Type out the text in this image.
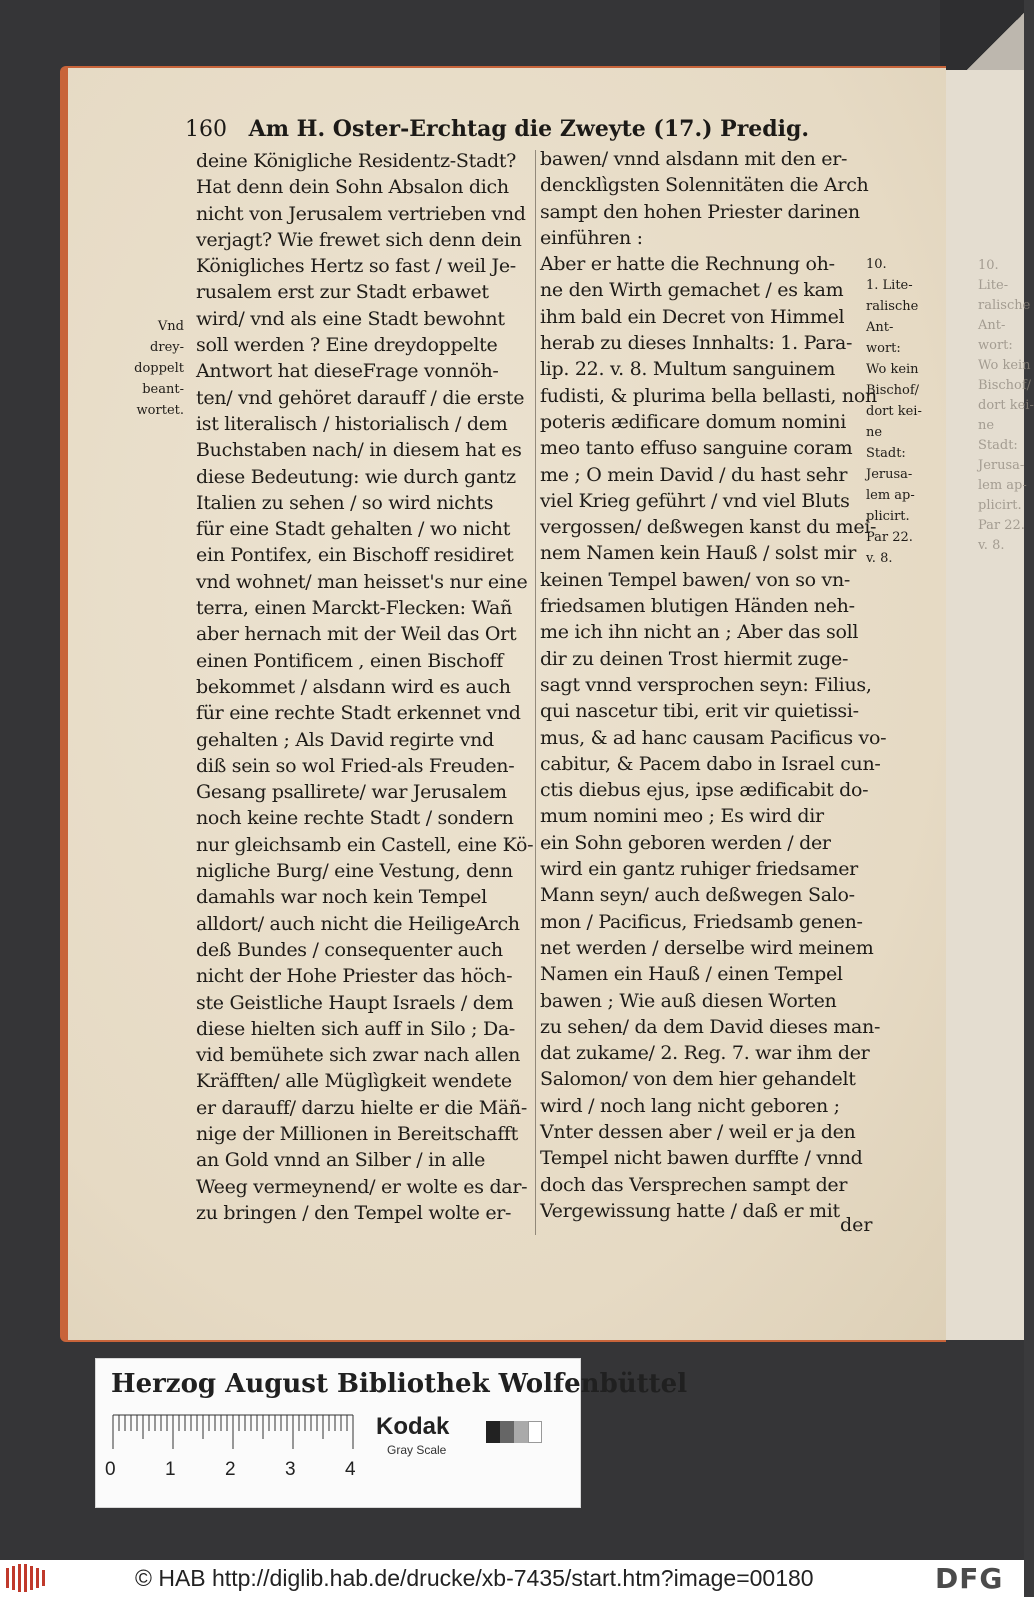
10.
Lite-
ralische
Ant-
wort:
Wo kein
Bischof/
dort kei-
ne
Stadt:
Jerusa-
lem ap-
plicirt.
Par 22.
v. 8.
160 Am H. Oster-Erchtag die Zweyte (17.) Predig.
deine Königliche Residentz-Stadt?
Hat denn dein Sohn Absalon dich
nicht von Jerusalem vertrieben vnd
verjagt? Wie frewet sich denn dein
Königliches Hertz so fast / weil Je-
rusalem erst zur Stadt erbawet
wird/ vnd als eine Stadt bewohnt
soll werden ? Eine dreydoppelte
Antwort hat dieseFrage vonnöh-
ten/ vnd gehöret darauff / die erste
ist literalisch / historialisch / dem
Buchstaben nach/ in diesem hat es
diese Bedeutung: wie durch gantz
Italien zu sehen / so wird nichts
für eine Stadt gehalten / wo nicht
ein Pontifex, ein Bischoff residiret
vnd wohnet/ man heisset's nur eine
terra, einen Marckt-Flecken: Wañ
aber hernach mit der Weil das Ort
einen Pontificem , einen Bischoff
bekommet / alsdann wird es auch
für eine rechte Stadt erkennet vnd
gehalten ; Als David regirte vnd
diß sein so wol Fried-als Freuden-
Gesang psallirete/ war Jerusalem
noch keine rechte Stadt / sondern
nur gleichsamb ein Castell, eine Kö-
nigliche Burg/ eine Vestung, denn
damahls war noch kein Tempel
alldort/ auch nicht die HeiligeArch
deß Bundes / consequenter auch
nicht der Hohe Priester das höch-
ste Geistliche Haupt Israels / dem
diese hielten sich auff in Silo ; Da-
vid bemühete sich zwar nach allen
Kräfften/ alle Müglìgkeit wendete
er darauff/ darzu hielte er die Mäñ-
nige der Millionen in Bereitschafft
an Gold vnnd an Silber / in alle
Weeg vermeynend/ er wolte es dar-
zu bringen / den Tempel wolte er-
bawen/ vnnd alsdann mit den er-
dencklìgsten Solennitäten die Arch
sampt den hohen Priester darinen
einführen :
Aber er hatte die Rechnung oh-
ne den Wirth gemachet / es kam
ihm bald ein Decret von Himmel
herab zu dieses Innhalts: 1. Para-
lip. 22. v. 8. Multum sanguinem
fudisti, & plurima bella bellasti, non
poteris ædificare domum nomini
meo tanto effuso sanguine coram
me ; O mein David / du hast sehr
viel Krieg geführt / vnd viel Bluts
vergossen/ deßwegen kanst du mei-
nem Namen kein Hauß / solst mir
keinen Tempel bawen/ von so vn-
friedsamen blutigen Händen neh-
me ich ihn nicht an ; Aber das soll
dir zu deinen Trost hiermit zuge-
sagt vnnd versprochen seyn: Filius,
qui nascetur tibi, erit vir quietissi-
mus, & ad hanc causam Pacificus vo-
cabitur, & Pacem dabo in Israel cun-
ctis diebus ejus, ipse ædificabit do-
mum nomini meo ; Es wird dir
ein Sohn geboren werden / der
wird ein gantz ruhiger friedsamer
Mann seyn/ auch deßwegen Salo-
mon / Pacificus, Friedsamb genen-
net werden / derselbe wird meinem
Namen ein Hauß / einen Tempel
bawen ; Wie auß diesen Worten
zu sehen/ da dem David dieses man-
dat zukame/ 2. Reg. 7. war ihm der
Salomon/ von dem hier gehandelt
wird / noch lang nicht geboren ;
Vnter dessen aber / weil er ja den
Tempel nicht bawen durffte / vnnd
doch das Versprechen sampt der
Vergewissung hatte / daß er mit
Vnd
drey-
doppelt
beant-
wortet.
10.
1. Lite-
ralische
Ant-
wort:
Wo kein
Bischof/
dort kei-
ne
Stadt:
Jerusa-
lem ap-
plicirt.
Par 22.
v. 8.
der
Herzog August Bibliothek Wolfenbüttel
0	1	2	3	4
Kodak
Gray Scale
© HAB http://diglib.hab.de/drucke/xb-7435/start.htm?image=00180	DFG
